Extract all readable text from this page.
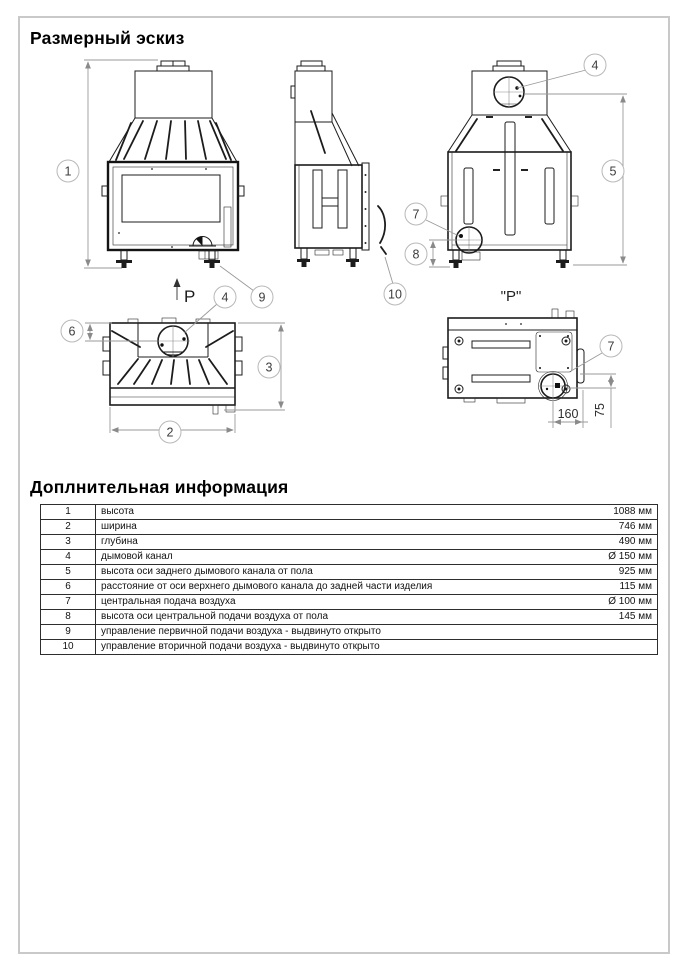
Размерный эскиз
P	"P"
160 75
1
4
5
7
8
10
4 9
6
3
2
7
Доплнительная информация
1	высота	1088 мм
2	ширина	746 мм
3	глубина	490 мм
4	дымовой канал	Ø 150 мм
5	высота оси заднего дымового канала от пола	925 мм
6	расстояние от оси верхнего дымового канала до задней части изделия	115 мм
7	центральная подача воздуха	Ø 100 мм
8	высота оси центральной подачи воздуха от пола	145 мм
9	управление первичной подачи воздуха - выдвинуто открыто	
10	управление вторичной подачи воздуха - выдвинуто открыто	
